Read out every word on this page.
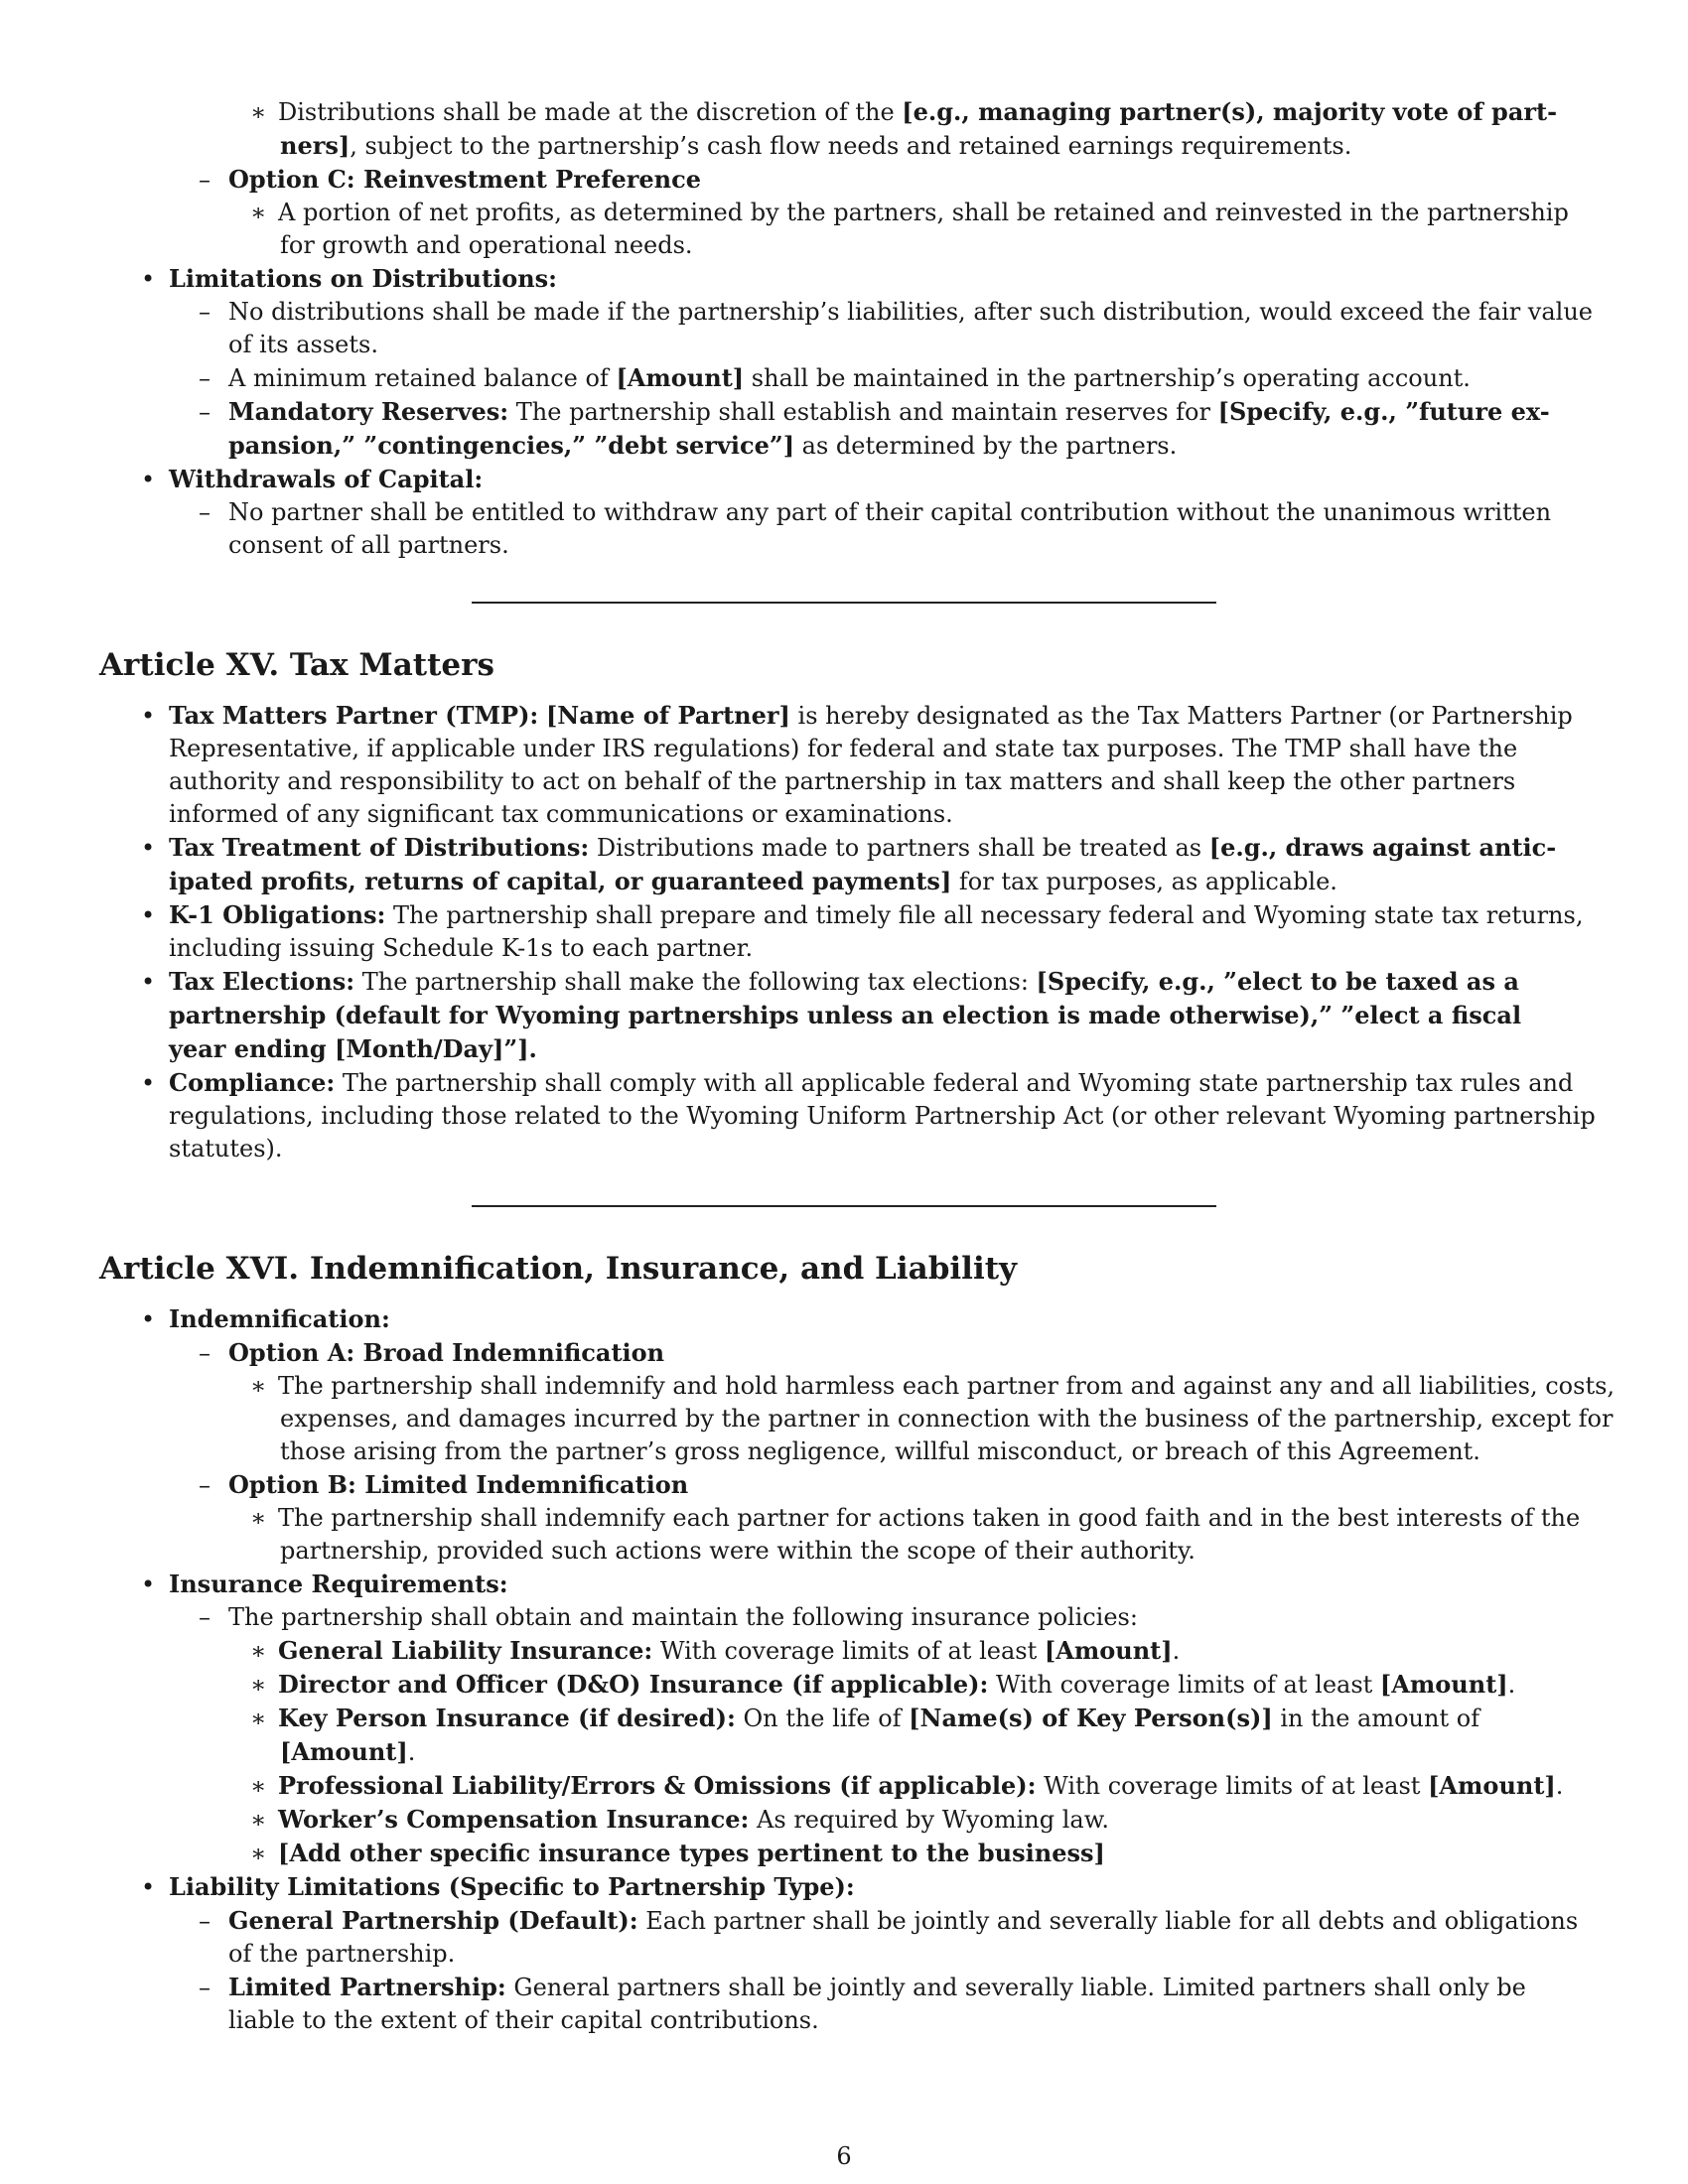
∗ Distributions shall be made at the discretion of the [e.g., managing partner(s), majority vote of part-
ners], subject to the partnership’s cash flow needs and retained earnings requirements.
– Option C: Reinvestment Preference
∗ A portion of net profits, as determined by the partners, shall be retained and reinvested in the partnership
for growth and operational needs.
• Limitations on Distributions:
– No distributions shall be made if the partnership’s liabilities, after such distribution, would exceed the fair value
of its assets.
– A minimum retained balance of [Amount] shall be maintained in the partnership’s operating account.
– Mandatory Reserves: The partnership shall establish and maintain reserves for [Specify, e.g., ”future ex-
pansion,” ”contingencies,” ”debt service”] as determined by the partners.
• Withdrawals of Capital:
– No partner shall be entitled to withdraw any part of their capital contribution without the unanimous written
consent of all partners.
Article XV. Tax Matters
• Tax Matters Partner (TMP): [Name of Partner] is hereby designated as the Tax Matters Partner (or Partnership
Representative, if applicable under IRS regulations) for federal and state tax purposes. The TMP shall have the
authority and responsibility to act on behalf of the partnership in tax matters and shall keep the other partners
informed of any significant tax communications or examinations.
• Tax Treatment of Distributions: Distributions made to partners shall be treated as [e.g., draws against antic-
ipated profits, returns of capital, or guaranteed payments] for tax purposes, as applicable.
• K-1 Obligations: The partnership shall prepare and timely file all necessary federal and Wyoming state tax returns,
including issuing Schedule K-1s to each partner.
• Tax Elections: The partnership shall make the following tax elections: [Specify, e.g., ”elect to be taxed as a
partnership (default for Wyoming partnerships unless an election is made otherwise),” ”elect a fiscal
year ending [Month/Day]”].
• Compliance: The partnership shall comply with all applicable federal and Wyoming state partnership tax rules and
regulations, including those related to the Wyoming Uniform Partnership Act (or other relevant Wyoming partnership
statutes).
Article XVI. Indemnification, Insurance, and Liability
• Indemnification:
– Option A: Broad Indemnification
∗ The partnership shall indemnify and hold harmless each partner from and against any and all liabilities, costs,
expenses, and damages incurred by the partner in connection with the business of the partnership, except for
those arising from the partner’s gross negligence, willful misconduct, or breach of this Agreement.
– Option B: Limited Indemnification
∗ The partnership shall indemnify each partner for actions taken in good faith and in the best interests of the
partnership, provided such actions were within the scope of their authority.
• Insurance Requirements:
– The partnership shall obtain and maintain the following insurance policies:
∗ General Liability Insurance: With coverage limits of at least [Amount].
∗ Director and Officer (D&O) Insurance (if applicable): With coverage limits of at least [Amount].
∗ Key Person Insurance (if desired): On the life of [Name(s) of Key Person(s)] in the amount of
[Amount].
∗ Professional Liability/Errors & Omissions (if applicable): With coverage limits of at least [Amount].
∗ Worker’s Compensation Insurance: As required by Wyoming law.
∗ [Add other specific insurance types pertinent to the business]
• Liability Limitations (Specific to Partnership Type):
– General Partnership (Default): Each partner shall be jointly and severally liable for all debts and obligations
of the partnership.
– Limited Partnership: General partners shall be jointly and severally liable. Limited partners shall only be
liable to the extent of their capital contributions.
6
